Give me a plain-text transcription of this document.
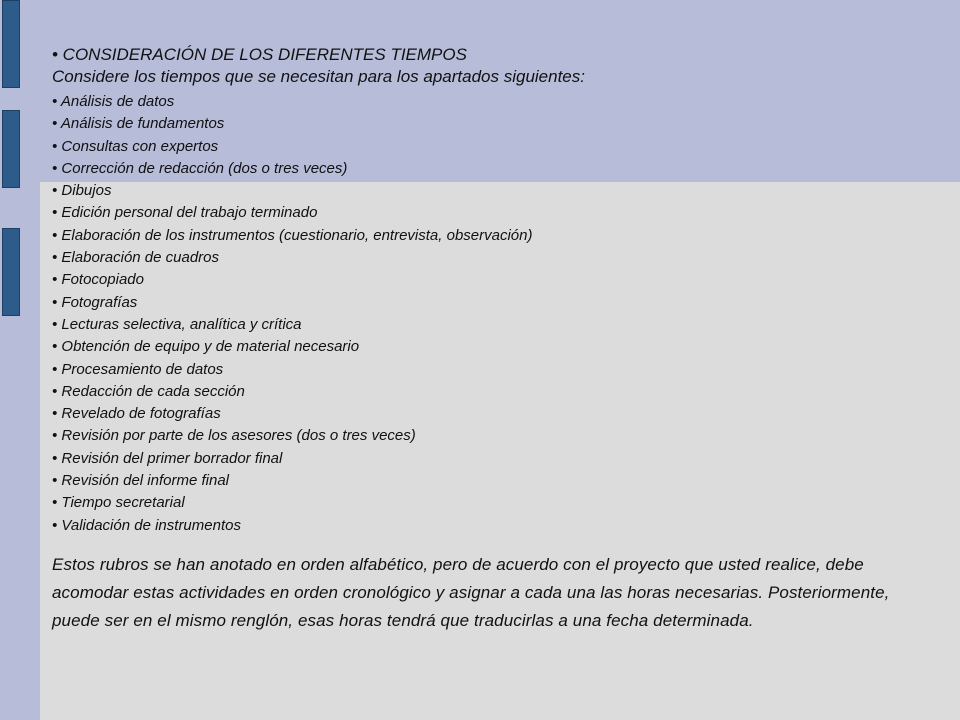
• CONSIDERACIÓN DE LOS DIFERENTES TIEMPOS

Considere los tiempos que se necesitan para los apartados siguientes:

• Análisis de datos
• Análisis de fundamentos
• Consultas con expertos
• Corrección de redacción (dos o tres veces)
• Dibujos
• Edición personal del trabajo terminado
• Elaboración de los instrumentos (cuestionario, entrevista, observación)
• Elaboración de cuadros
• Fotocopiado
• Fotografías
• Lecturas selectiva, analítica y crítica
• Obtención de equipo y de material necesario
• Procesamiento de datos
• Redacción de cada sección
• Revelado de fotografías
• Revisión por parte de los asesores (dos o tres veces)
• Revisión del primer borrador final
• Revisión del informe final
• Tiempo secretarial
• Validación de instrumentos

Estos rubros se han anotado en orden alfabético, pero de acuerdo con el proyecto que usted realice, debe acomodar estas actividades en orden cronológico y asignar a cada una las horas necesarias. Posteriormente, puede ser en el mismo renglón, esas horas tendrá que traducirlas a una fecha determinada.
